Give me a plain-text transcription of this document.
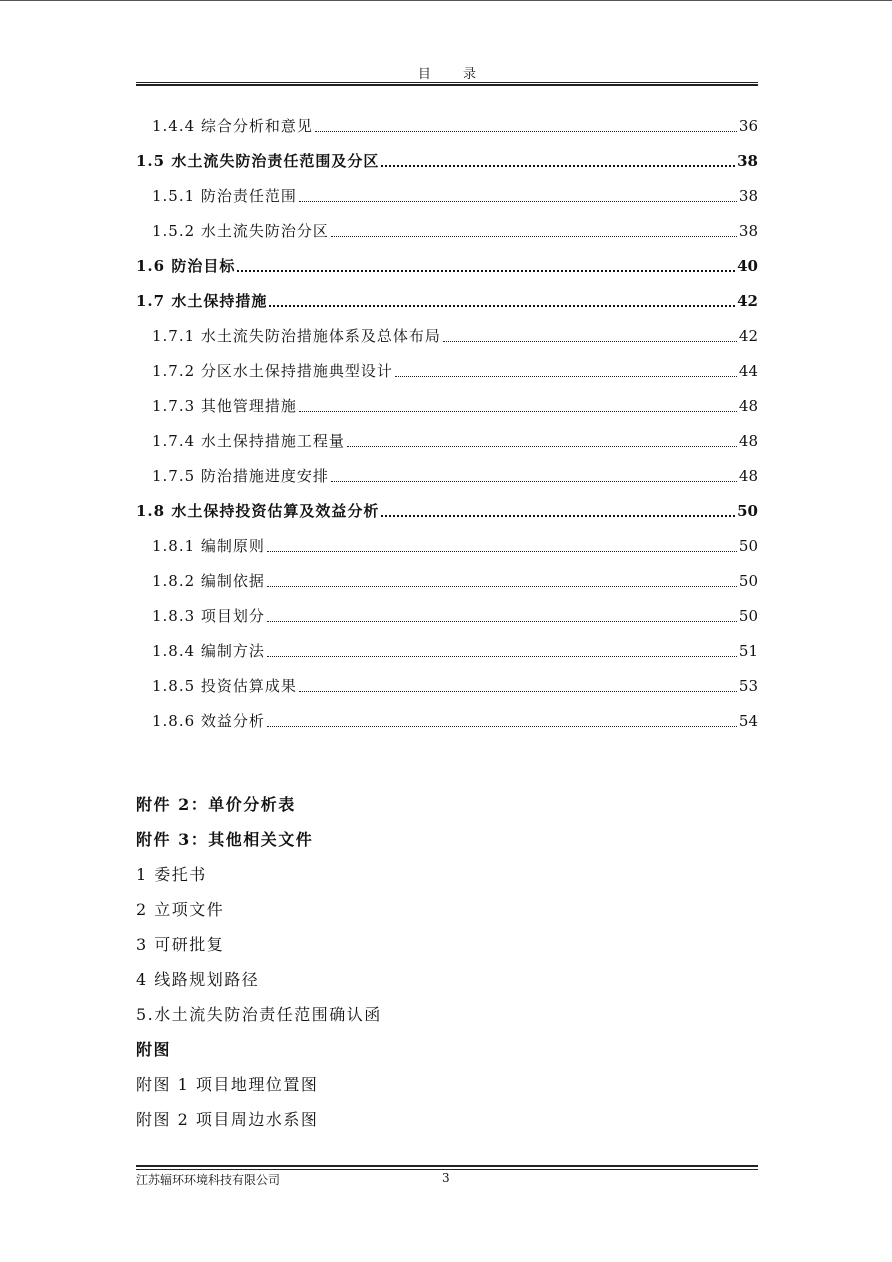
目 录
1.4.4 综合分析和意见	36
1.5 水土流失防治责任范围及分区	38
1.5.1 防治责任范围	38
1.5.2 水土流失防治分区	38
1.6 防治目标	40
1.7 水土保持措施	42
1.7.1 水土流失防治措施体系及总体布局	42
1.7.2 分区水土保持措施典型设计	44
1.7.3 其他管理措施	48
1.7.4 水土保持措施工程量	48
1.7.5 防治措施进度安排	48
1.8 水土保持投资估算及效益分析	50
1.8.1 编制原则	50
1.8.2 编制依据	50
1.8.3 项目划分	50
1.8.4 编制方法	51
1.8.5 投资估算成果	53
1.8.6 效益分析	54
附件 2：单价分析表
附件 3：其他相关文件
1 委托书
2 立项文件
3 可研批复
4 线路规划路径
5.水土流失防治责任范围确认函
附图
附图 1 项目地理位置图
附图 2 项目周边水系图
江苏辐环环境科技有限公司	3
